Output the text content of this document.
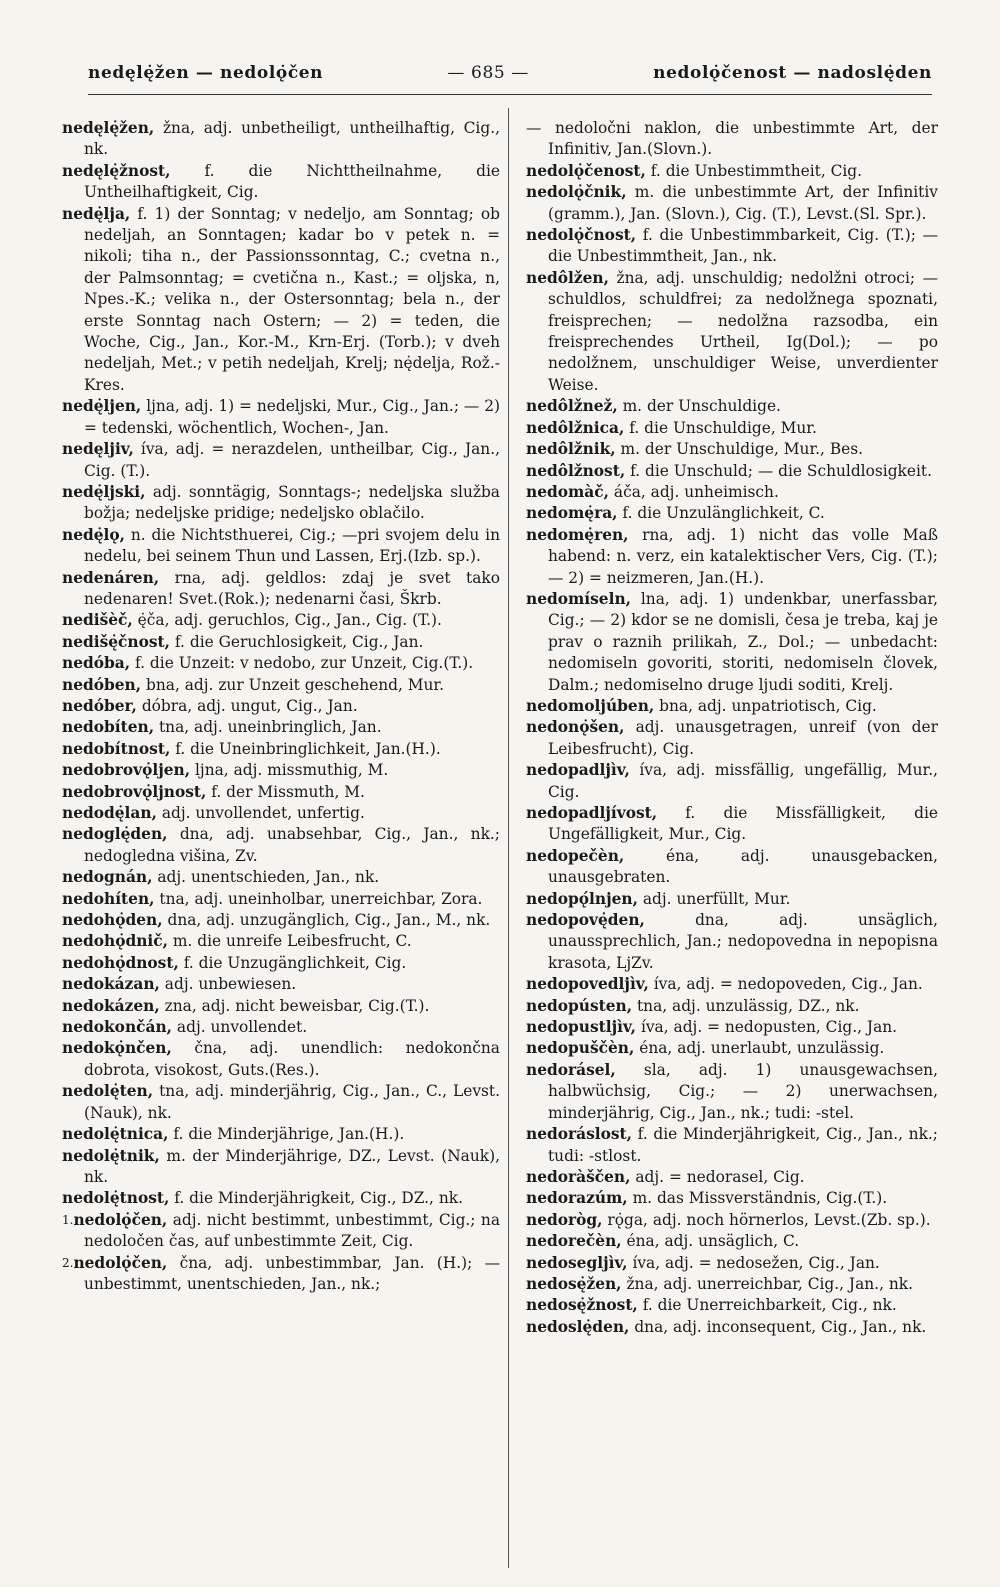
nedęlę̇žen — nedolǫ̇čen	— 685 —	nedolǫ̇čenost — nadoslę̇den
nedęlę̇žen, žna, adj. unbetheiligt, untheilhaftig, Cig., nk.
nedęlę̇žnost, f. die Nichttheilnahme, die Untheilhaftigkeit, Cig.
nedę̇lja, f. 1) der Sonntag; v nedeljo, am Sonntag; ob nedeljah, an Sonntagen; kadar bo v petek n. = nikoli; tiha n., der Passionssonntag, C.; cvetna n., der Palmsonntag; = cvetična n., Kast.; = oljska, n, Npes.-K.; velika n., der Ostersonntag; bela n., der erste Sonntag nach Ostern; — 2) = teden, die Woche, Cig., Jan., Kor.-M., Krn-Erj. (Torb.); v dveh nedeljah, Met.; v petih nedeljah, Krelj; nę̇delja, Rož.-Kres.
nedę̇ljen, ljna, adj. 1) = nedeljski, Mur., Cig., Jan.; — 2) = tedenski, wöchentlich, Wochen-, Jan.
nedęljiv, íva, adj. = nerazdelen, untheilbar, Cig., Jan., Cig. (T.).
nedę̇ljski, adj. sonntägig, Sonntags-; nedeljska služba božja; nedeljske pridige; nedeljsko oblačilo.
nedę̇lǫ, n. die Nichtsthuerei, Cig.; —pri svojem delu in nedelu, bei seinem Thun und Lassen, Erj.(Izb. sp.).
nedenáren, rna, adj. geldlos: zdaj je svet tako nedenaren! Svet.(Rok.); nedenarni časi, Škrb.
nedišèč, ę̇ča, adj. geruchlos, Cig., Jan., Cig. (T.).
nedišę̇čnost, f. die Geruchlosigkeit, Cig., Jan.
nedóba, f. die Unzeit: v nedobo, zur Unzeit, Cig.(T.).
nedóben, bna, adj. zur Unzeit geschehend, Mur.
nedóber, dóbra, adj. ungut, Cig., Jan.
nedobíten, tna, adj. uneinbringlich, Jan.
nedobítnost, f. die Uneinbringlichkeit, Jan.(H.).
nedobrovǫ̇ljen, ljna, adj. missmuthig, M.
nedobrovǫ̇ljnost, f. der Missmuth, M.
nedodę̇lan, adj. unvollendet, unfertig.
nedoglę̇den, dna, adj. unabsehbar, Cig., Jan., nk.; nedogledna višina, Zv.
nedognán, adj. unentschieden, Jan., nk.
nedohíten, tna, adj. uneinholbar, unerreichbar, Zora.
nedohǫ̇den, dna, adj. unzugänglich, Cig., Jan., M., nk.
nedohǫ̇dnič, m. die unreife Leibesfrucht, C.
nedohǫ̇dnost, f. die Unzugänglichkeit, Cig.
nedokázan, adj. unbewiesen.
nedokázen, zna, adj. nicht beweisbar, Cig.(T.).
nedokončán, adj. unvollendet.
nedokǫ̇nčen, čna, adj. unendlich: nedokončna dobrota, visokost, Guts.(Res.).
nedolę̇ten, tna, adj. minderjährig, Cig., Jan., C., Levst.(Nauk), nk.
nedolę̇tnica, f. die Minderjährige, Jan.(H.).
nedolę̇tnik, m. der Minderjährige, DZ., Levst. (Nauk), nk.
nedolę̇tnost, f. die Minderjährigkeit, Cig., DZ., nk.
$^{1.}$nedolǫ̇čen, adj. nicht bestimmt, unbestimmt, Cig.; na nedoločen čas, auf unbestimmte Zeit, Cig.
$^{2.}$nedolǫ̇čen, čna, adj. unbestimmbar, Jan. (H.); — unbestimmt, unentschieden, Jan., nk.;
— nedoločni naklon, die unbestimmte Art, der Infinitiv, Jan.(Slovn.).
nedolǫ̇čenost, f. die Unbestimmtheit, Cig.
nedolǫ̇čnik, m. die unbestimmte Art, der Infinitiv (gramm.), Jan. (Slovn.), Cig. (T.), Levst.(Sl. Spr.).
nedolǫ̇čnost, f. die Unbestimmbarkeit, Cig. (T.); — die Unbestimmtheit, Jan., nk.
nedôlžen, žna, adj. unschuldig; nedolžni otroci; — schuldlos, schuldfrei; za nedolžnega spoznati, freisprechen; — nedolžna razsodba, ein freisprechendes Urtheil, Ig(Dol.); — po nedolžnem, unschuldiger Weise, unverdienter Weise.
nedôlžnež, m. der Unschuldige.
nedôlžnica, f. die Unschuldige, Mur.
nedôlžnik, m. der Unschuldige, Mur., Bes.
nedôlžnost, f. die Unschuld; — die Schuldlosigkeit.
nedomàč, áča, adj. unheimisch.
nedomę̇ra, f. die Unzulänglichkeit, C.
nedomę̇ren, rna, adj. 1) nicht das volle Maß habend: n. verz, ein katalektischer Vers, Cig. (T.); — 2) = neizmeren, Jan.(H.).
nedomíseln, lna, adj. 1) undenkbar, unerfassbar, Cig.; — 2) kdor se ne domisli, česa je treba, kaj je prav o raznih prilikah, Z., Dol.; — unbedacht: nedomiseln govoriti, storiti, nedomiseln človek, Dalm.; nedomiselno druge ljudi soditi, Krelj.
nedomoljúben, bna, adj. unpatriotisch, Cig.
nedonǫ̇šen, adj. unausgetragen, unreif (von der Leibesfrucht), Cig.
nedopadljìv, íva, adj. missfällig, ungefällig, Mur., Cig.
nedopadljívost, f. die Missfälligkeit, die Ungefälligkeit, Mur., Cig.
nedopečèn, éna, adj. unausgebacken, unausgebraten.
nedopǫ́lnjen, adj. unerfüllt, Mur.
nedopovę̇den, dna, adj. unsäglich, unaussprechlich, Jan.; nedopovedna in nepopisna krasota, LjZv.
nedopovedljìv, íva, adj. = nedopoveden, Cig., Jan.
nedopústen, tna, adj. unzulässig, DZ., nk.
nedopustljìv, íva, adj. = nedopusten, Cig., Jan.
nedopuščèn, éna, adj. unerlaubt, unzulässig.
nedorásel, sla, adj. 1) unausgewachsen, halbwüchsig, Cig.; — 2) unerwachsen, minderjährig, Cig., Jan., nk.; tudi: -stel.
nedoráslost, f. die Minderjährigkeit, Cig., Jan., nk.; tudi: -stlost.
nedoràščen, adj. = nedorasel, Cig.
nedorazúm, m. das Missverständnis, Cig.(T.).
nedoròg, rǫ̇ga, adj. noch hörnerlos, Levst.(Zb. sp.).
nedorečèn, éna, adj. unsäglich, C.
nedosegljìv, íva, adj. = nedosežen, Cig., Jan.
nedosę̇žen, žna, adj. unerreichbar, Cig., Jan., nk.
nedosę̇žnost, f. die Unerreichbarkeit, Cig., nk.
nedoslę̇den, dna, adj. inconsequent, Cig., Jan., nk.
